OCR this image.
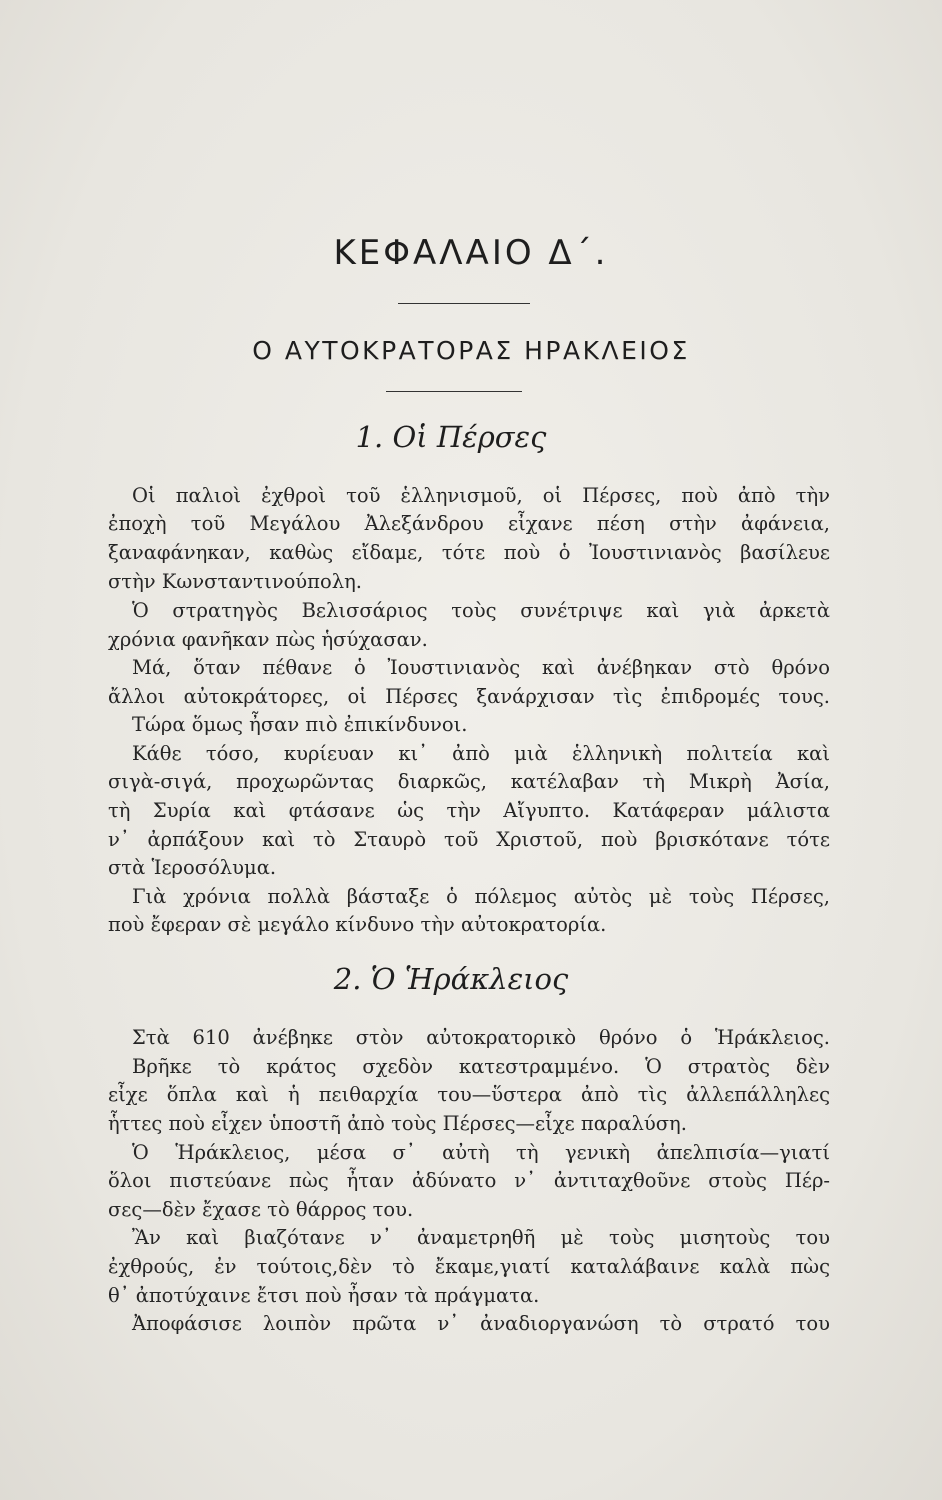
ΚΕΦΑΛΑΙΟ Δ΄.
Ο ΑΥΤΟΚΡΑΤΟΡΑΣ ΗΡΑΚΛΕΙΟΣ
1. Οἱ Πέρσες
Οἱ παλιοὶ ἐχθροὶ τοῦ ἑλληνισμοῦ, οἱ Πέρσες, ποὺ ἀπὸ τὴν
ἐποχὴ τοῦ Μεγάλου Ἀλεξάνδρου εἶχανε πέση στὴν ἀφάνεια,
ξαναφάνηκαν, καθὼς εἴδαμε, τότε ποὺ ὁ Ἰουστινιανὸς βασίλευε
στὴν Κωνσταντινούπολη.
Ὁ στρατηγὸς Βελισσάριος τοὺς συνέτριψε καὶ γιὰ ἀρκετὰ
χρόνια φανῆκαν πὼς ἡσύχασαν.
Μά, ὅταν πέθανε ὁ Ἰουστινιανὸς καὶ ἀνέβηκαν στὸ θρόνο
ἄλλοι αὐτοκράτορες, οἱ Πέρσες ξανάρχισαν τὶς ἐπιδρομές τους.
Τώρα ὅμως ἦσαν πιὸ ἐπικίνδυνοι.
Κάθε τόσο, κυρίευαν κι᾿ ἀπὸ μιὰ ἑλληνικὴ πολιτεία καὶ
σιγὰ-σιγά, προχωρῶντας διαρκῶς, κατέλαβαν τὴ Μικρὴ Ἀσία,
τὴ Συρία καὶ φτάσανε ὡς τὴν Αἴγυπτο. Κατάφεραν μάλιστα
ν᾿ ἀρπάξουν καὶ τὸ Σταυρὸ τοῦ Χριστοῦ, ποὺ βρισκότανε τότε
στὰ Ἱεροσόλυμα.
Γιὰ χρόνια πολλὰ βάσταξε ὁ πόλεμος αὐτὸς μὲ τοὺς Πέρσες,
ποὺ ἔφεραν σὲ μεγάλο κίνδυνο τὴν αὐτοκρατορία.
2. Ὁ Ἡράκλειος
Στὰ 610 ἀνέβηκε στὸν αὐτοκρατορικὸ θρόνο ὁ Ἡράκλειος.
Βρῆκε τὸ κράτος σχεδὸν κατεστραμμένο. Ὁ στρατὸς δὲν
εἶχε ὅπλα καὶ ἡ πειθαρχία του—ὕστερα ἀπὸ τὶς ἀλλεπάλληλες
ἧττες ποὺ εἶχεν ὑποστῆ ἀπὸ τοὺς Πέρσες—εἶχε παραλύση.
Ὁ Ἡράκλειος, μέσα σ᾿ αὐτὴ τὴ γενικὴ ἀπελπισία—γιατί
ὅλοι πιστεύανε πὼς ἦταν ἀδύνατο ν᾿ ἀντιταχθοῦνε στοὺς Πέρ-
σες—δὲν ἔχασε τὸ θάρρος του.
Ἂν καὶ βιαζότανε ν᾿ ἀναμετρηθῆ μὲ τοὺς μισητοὺς του
ἐχθρούς, ἐν τούτοις,δὲν τὸ ἔκαμε,γιατί καταλάβαινε καλὰ πὼς
θ᾿ ἀποτύχαινε ἔτσι ποὺ ἦσαν τὰ πράγματα.
Ἀποφάσισε λοιπὸν πρῶτα ν᾿ ἀναδιοργανώση τὸ στρατό του
